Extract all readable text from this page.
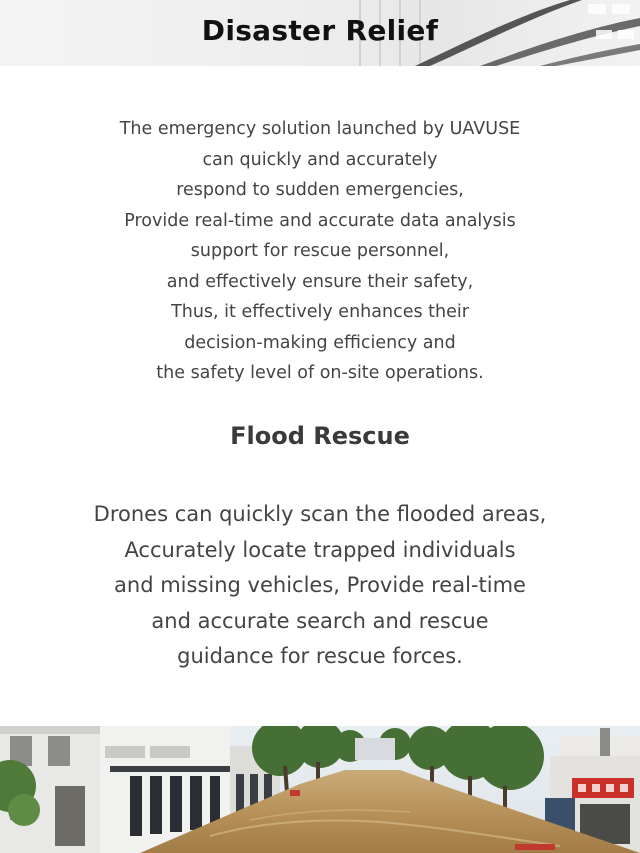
Disaster Relief

The emergency solution launched by UAVUSE
can quickly and accurately
respond to sudden emergencies,
Provide real-time and accurate data analysis
support for rescue personnel,
and effectively ensure their safety,
Thus, it effectively enhances their
decision-making efficiency and
the safety level of on-site operations.

Flood Rescue

Drones can quickly scan the flooded areas,
Accurately locate trapped individuals
and missing vehicles, Provide real-time
and accurate search and rescue
guidance for rescue forces.
